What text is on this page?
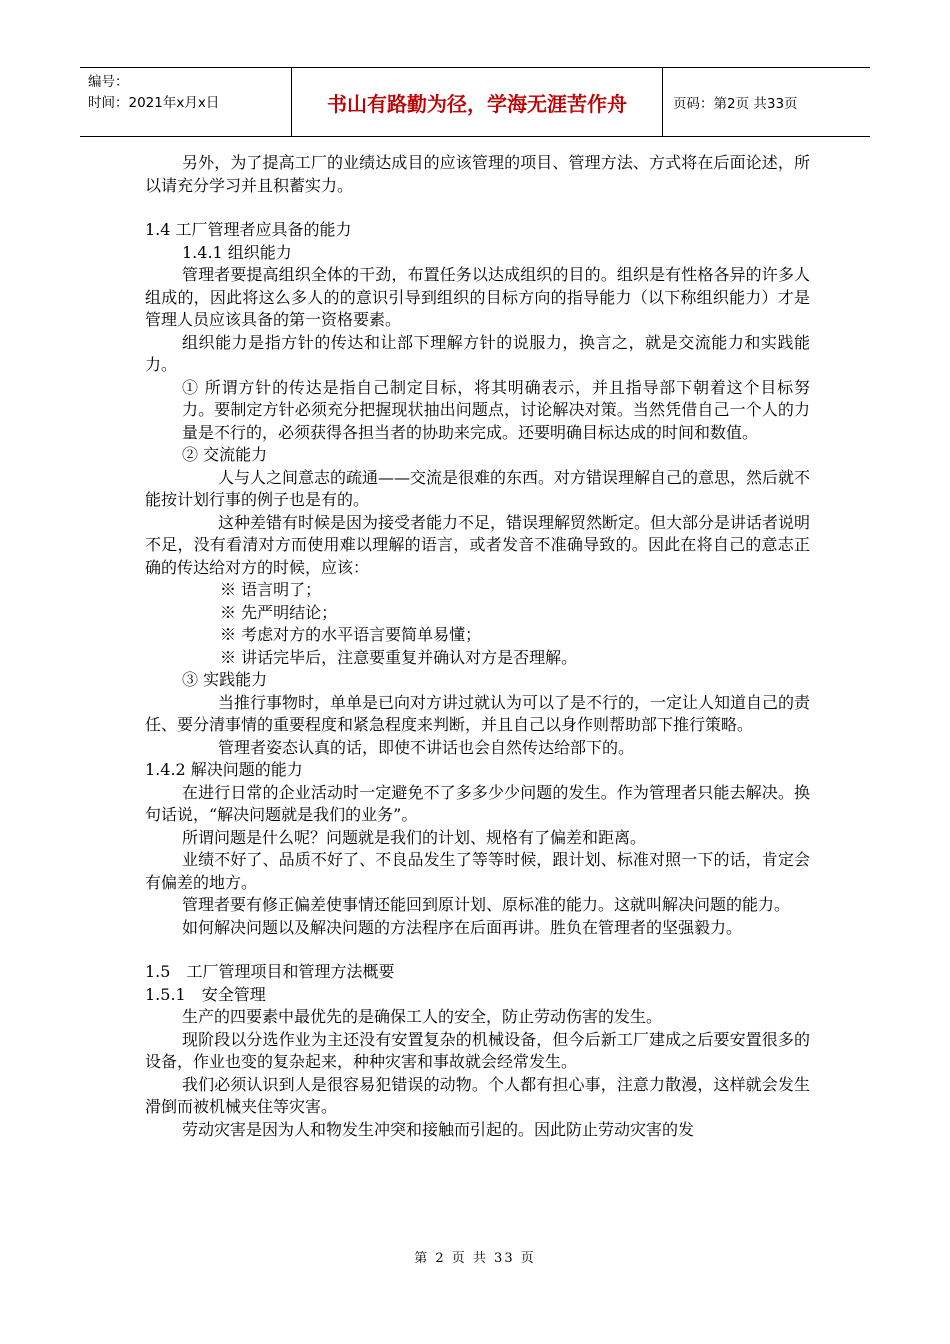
编号：
时间：2021年x月x日	书山有路勤为径，学海无涯苦作舟	页码：第2页 共33页

另外，为了提高工厂的业绩达成目的应该管理的项目、管理方法、方式将在后面论述，所以请充分学习并且积蓄实力。

1.4 工厂管理者应具备的能力

1.4.1 组织能力

管理者要提高组织全体的干劲，布置任务以达成组织的目的。组织是有性格各异的许多人组成的，因此将这么多人的的意识引导到组织的目标方向的指导能力（以下称组织能力）才是管理人员应该具备的第一资格要素。

组织能力是指方针的传达和让部下理解方针的说服力，换言之，就是交流能力和实践能力。

① 所谓方针的传达是指自己制定目标，将其明确表示，并且指导部下朝着这个目标努力。要制定方针必须充分把握现状抽出问题点，讨论解决对策。当然凭借自己一个人的力量是不行的，必须获得各担当者的协助来完成。还要明确目标达成的时间和数值。

② 交流能力

人与人之间意志的疏通——交流是很难的东西。对方错误理解自己的意思，然后就不能按计划行事的例子也是有的。

这种差错有时候是因为接受者能力不足，错误理解贸然断定。但大部分是讲话者说明不足，没有看清对方而使用难以理解的语言，或者发音不准确导致的。因此在将自己的意志正确的传达给对方的时候，应该：

※ 语言明了；

※ 先严明结论；

※ 考虑对方的水平语言要简单易懂；

※ 讲话完毕后，注意要重复并确认对方是否理解。

③ 实践能力

当推行事物时，单单是已向对方讲过就认为可以了是不行的，一定让人知道自己的责任、要分清事情的重要程度和紧急程度来判断，并且自己以身作则帮助部下推行策略。

管理者姿态认真的话，即使不讲话也会自然传达给部下的。

1.4.2 解决问题的能力

在进行日常的企业活动时一定避免不了多多少少问题的发生。作为管理者只能去解决。换句话说，“解决问题就是我们的业务”。

所谓问题是什么呢？问题就是我们的计划、规格有了偏差和距离。

业绩不好了、品质不好了、不良品发生了等等时候，跟计划、标准对照一下的话，肯定会有偏差的地方。

管理者要有修正偏差使事情还能回到原计划、原标准的能力。这就叫解决问题的能力。

如何解决问题以及解决问题的方法程序在后面再讲。胜负在管理者的坚强毅力。

1.5　工厂管理项目和管理方法概要

1.5.1　安全管理

生产的四要素中最优先的是确保工人的安全，防止劳动伤害的发生。

现阶段以分选作业为主还没有安置复杂的机械设备，但今后新工厂建成之后要安置很多的设备，作业也变的复杂起来，种种灾害和事故就会经常发生。

我们必须认识到人是很容易犯错误的动物。个人都有担心事，注意力散漫，这样就会发生滑倒而被机械夹住等灾害。

劳动灾害是因为人和物发生冲突和接触而引起的。因此防止劳动灾害的发

第 2 页 共 33 页
